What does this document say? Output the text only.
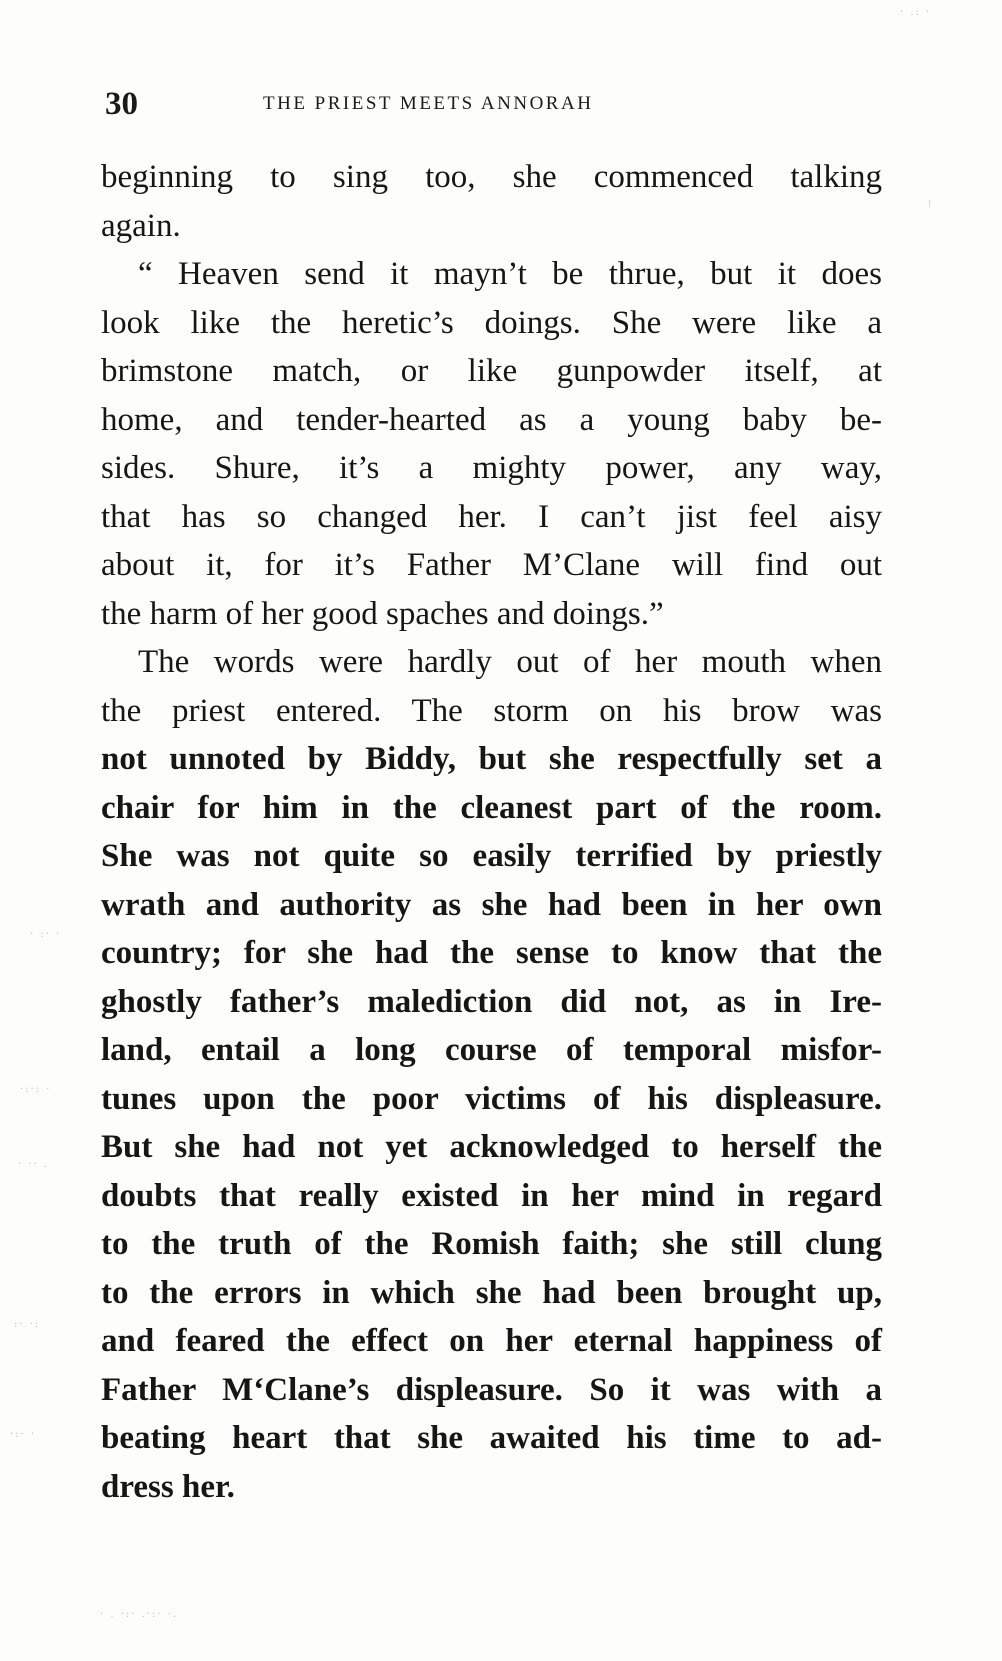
· .: ·
⁝
· :· ·
·:·: ·
· ·· .
:· ·:
·:· ·
· . ·:· .·:· ·.
30	THE PRIEST MEETS ANNORAH
beginning to sing too, she commenced talking
again.
“ Heaven send it mayn’t be thrue, but it does
look like the heretic’s doings. She were like a
brimstone match, or like gunpowder itself, at
home, and tender-hearted as a young baby be-
sides. Shure, it’s a mighty power, any way,
that has so changed her. I can’t jist feel aisy
about it, for it’s Father M’Clane will find out
the harm of her good spaches and doings.”
The words were hardly out of her mouth when
the priest entered. The storm on his brow was
not unnoted by Biddy, but she respectfully set a
chair for him in the cleanest part of the room.
She was not quite so easily terrified by priestly
wrath and authority as she had been in her own
country; for she had the sense to know that the
ghostly father’s malediction did not, as in Ire-
land, entail a long course of temporal misfor-
tunes upon the poor victims of his displeasure.
But she had not yet acknowledged to herself the
doubts that really existed in her mind in regard
to the truth of the Romish faith; she still clung
to the errors in which she had been brought up,
and feared the effect on her eternal happiness of
Father M‘Clane’s displeasure. So it was with a
beating heart that she awaited his time to ad-
dress her.
